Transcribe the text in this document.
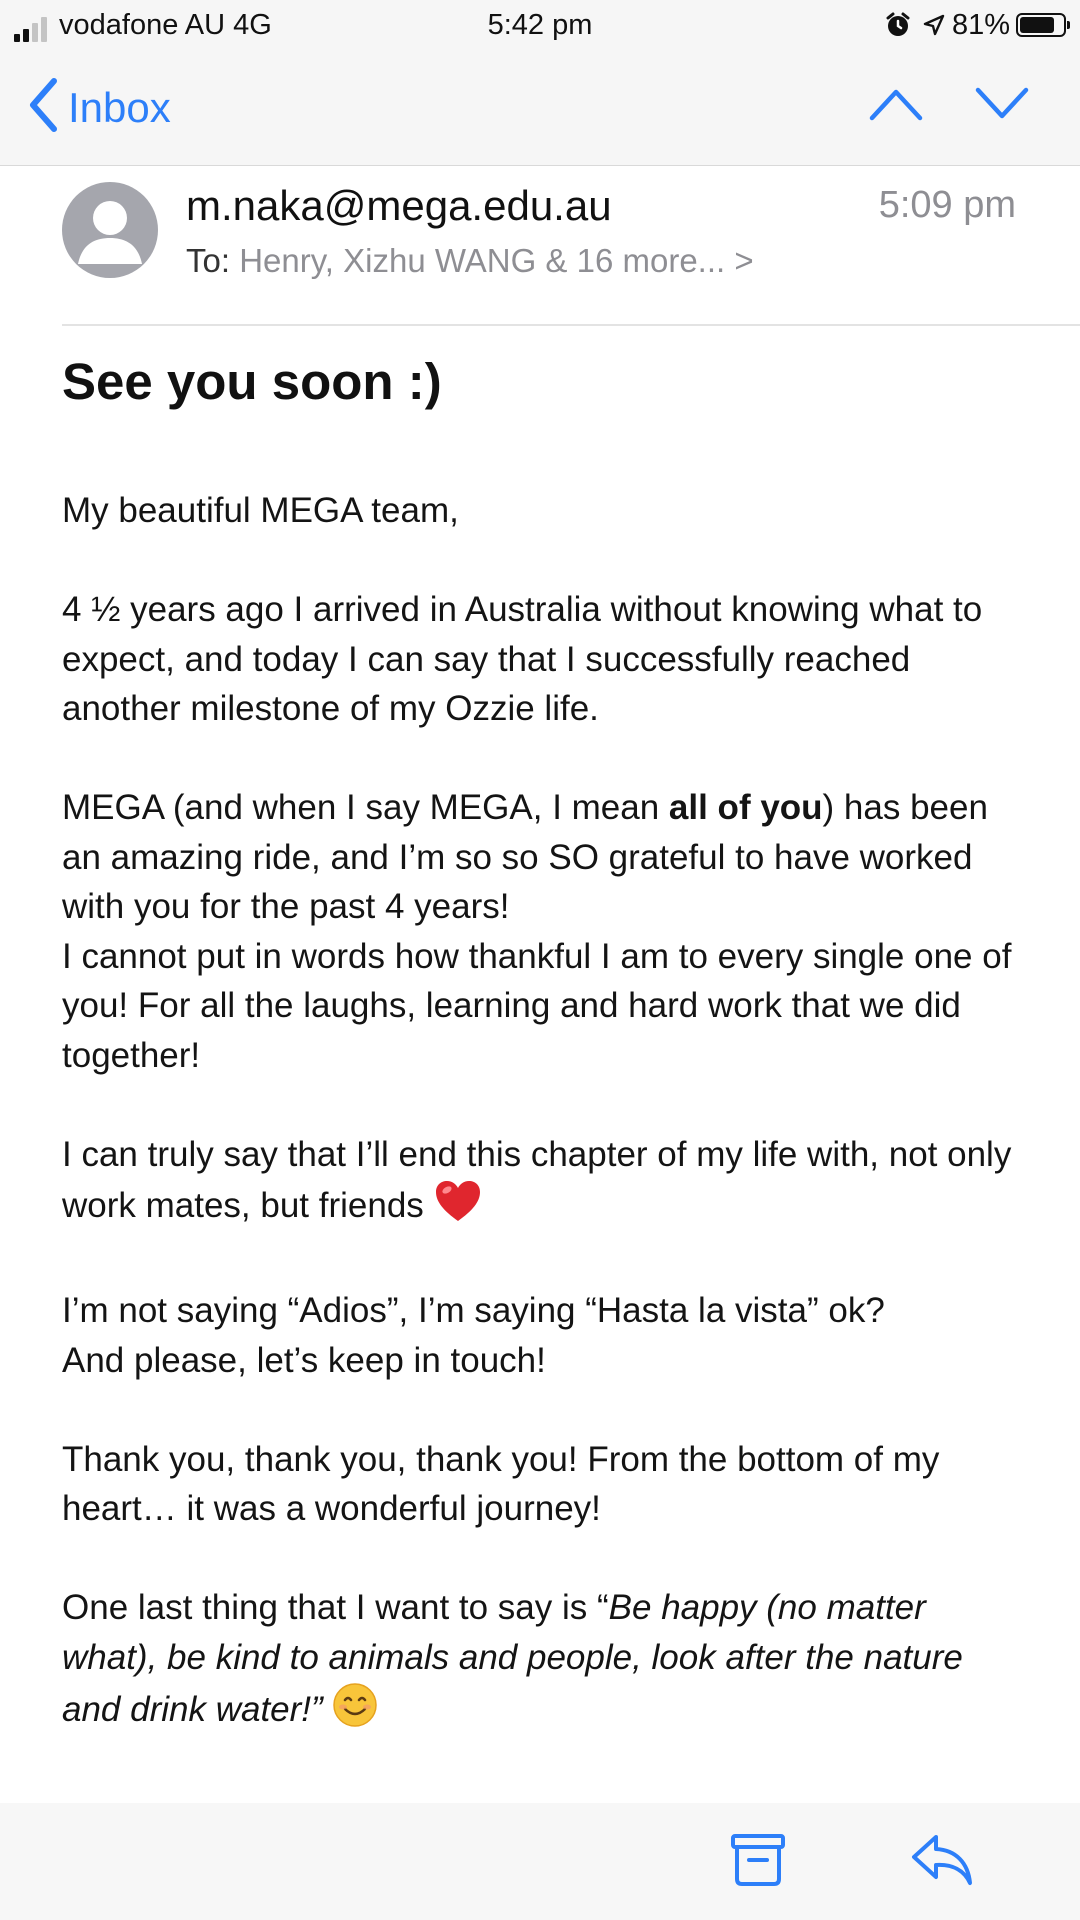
vodafone AU 4G	5:42 pm	81%
Inbox
m.naka@mega.edu.au	5:09 pm
To: Henry, Xizhu WANG & 16 more... >
See you soon :)

My beautiful MEGA team,

4 ½ years ago I arrived in Australia without knowing what to expect, and today I can say that I successfully reached another milestone of my Ozzie life.

MEGA (and when I say MEGA, I mean all of you) has been an amazing ride, and I’m so so SO grateful to have worked with you for the past 4 years!
I cannot put in words how thankful I am to every single one of you! For all the laughs, learning and hard work that we did together!

I can truly say that I’ll end this chapter of my life with, not only work mates, but friends

I’m not saying “Adios”, I’m saying “Hasta la vista” ok?
And please, let’s keep in touch!

Thank you, thank you, thank you! From the bottom of my heart… it was a wonderful journey!

One last thing that I want to say is “Be happy (no matter what), be kind to animals and people, look after the nature and drink water!”
